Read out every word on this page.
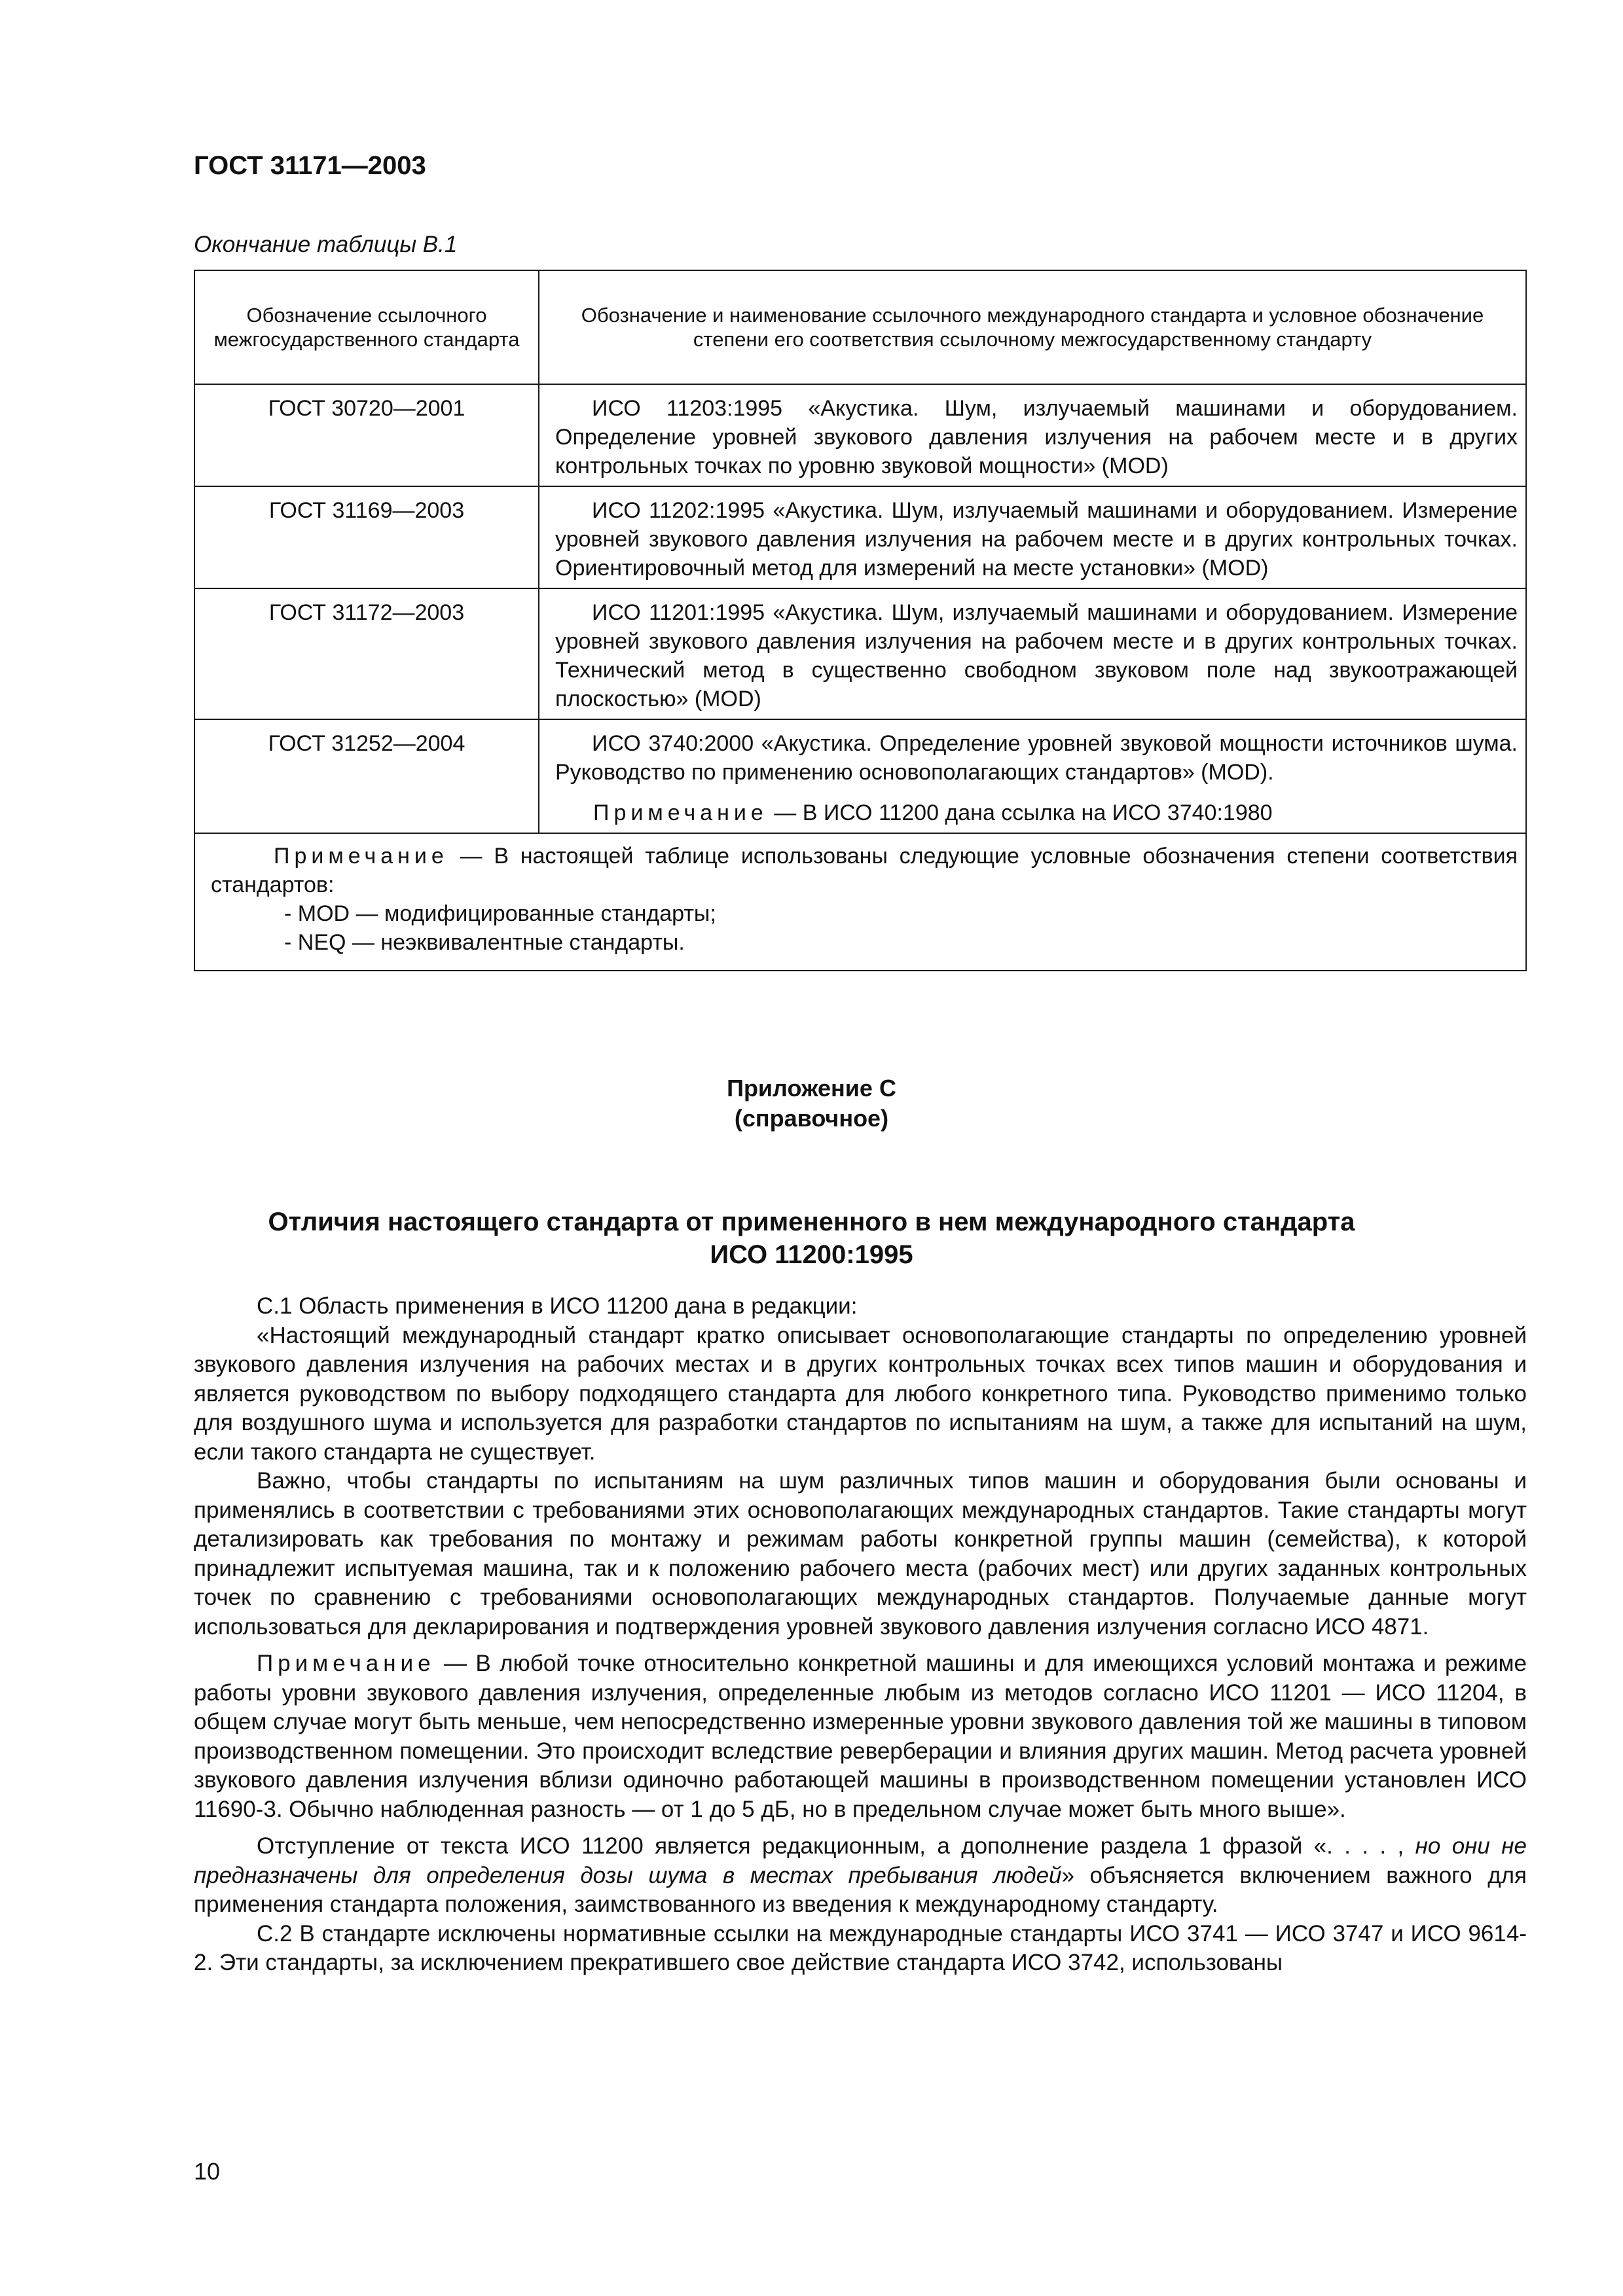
ГОСТ 31171—2003
Окончание таблицы В.1
Обозначение ссылочного межгосударственного стандарта	Обозначение и наименование ссылочного международного стандарта и условное обозначение степени его соответствия ссылочному межгосударственному стандарту
ГОСТ 30720—2001	ИСО 11203:1995 «Акустика. Шум, излучаемый машинами и оборудованием. Определение уровней звукового давления излучения на рабочем месте и в других контрольных точках по уровню звуковой мощности» (MOD)

ГОСТ 31169—2003	ИСО 11202:1995 «Акустика. Шум, излучаемый машинами и оборудованием. Измерение уровней звукового давления излучения на рабочем месте и в других контрольных точках. Ориентировочный метод для измерений на месте установки» (MOD)

ГОСТ 31172—2003	ИСО 11201:1995 «Акустика. Шум, излучаемый машинами и оборудованием. Измерение уровней звукового давления излучения на рабочем месте и в других контрольных точках. Технический метод в существенно свободном звуковом поле над звукоотражающей плоскостью» (MOD)

ГОСТ 31252—2004	ИСО 3740:2000 «Акустика. Определение уровней звуковой мощности источников шума. Руководство по применению основополагающих стандартов» (MOD).
Примечание — В ИСО 11200 дана ссылка на ИСО 3740:1980

Примечание — В настоящей таблице использованы следующие условные обозначения степени соответствия стандартов:
- MOD — модифицированные стандарты;
- NEQ — неэквивалентные стандарты.	
Приложение С
(справочное)
Отличия настоящего стандарта от примененного в нем международного стандарта
ИСО 11200:1995

С.1 Область применения в ИСО 11200 дана в редакции:

«Настоящий международный стандарт кратко описывает основополагающие стандарты по определению уровней звукового давления излучения на рабочих местах и в других контрольных точках всех типов машин и оборудования и является руководством по выбору подходящего стандарта для любого конкретного типа. Руководство применимо только для воздушного шума и используется для разработки стандартов по испытаниям на шум, а также для испытаний на шум, если такого стандарта не существует.

Важно, чтобы стандарты по испытаниям на шум различных типов машин и оборудования были основаны и применялись в соответствии с требованиями этих основополагающих международных стандартов. Такие стандарты могут детализировать как требования по монтажу и режимам работы конкретной группы машин (семейства), к которой принадлежит испытуемая машина, так и к положению рабочего места (рабочих мест) или других заданных контрольных точек по сравнению с требованиями основополагающих международных стандартов. Получаемые данные могут использоваться для декларирования и подтверждения уровней звукового давления излучения согласно ИСО 4871.

Примечание — В любой точке относительно конкретной машины и для имеющихся условий монтажа и режиме работы уровни звукового давления излучения, определенные любым из методов согласно ИСО 11201 — ИСО 11204, в общем случае могут быть меньше, чем непосредственно измеренные уровни звукового давления той же машины в типовом производственном помещении. Это происходит вследствие реверберации и влияния других машин. Метод расчета уровней звукового давления излучения вблизи одиночно работающей машины в производственном помещении установлен ИСО 11690-3. Обычно наблюденная разность — от 1 до 5 дБ, но в предельном случае может быть много выше».

Отступление от текста ИСО 11200 является редакционным, а дополнение раздела 1 фразой «. . . . , но они не предназначены для определения дозы шума в местах пребывания людей» объясняется включением важного для применения стандарта положения, заимствованного из введения к международному стандарту.

С.2 В стандарте исключены нормативные ссылки на международные стандарты ИСО 3741 — ИСО 3747 и ИСО 9614-2. Эти стандарты, за исключением прекратившего свое действие стандарта ИСО 3742, использованы

10
